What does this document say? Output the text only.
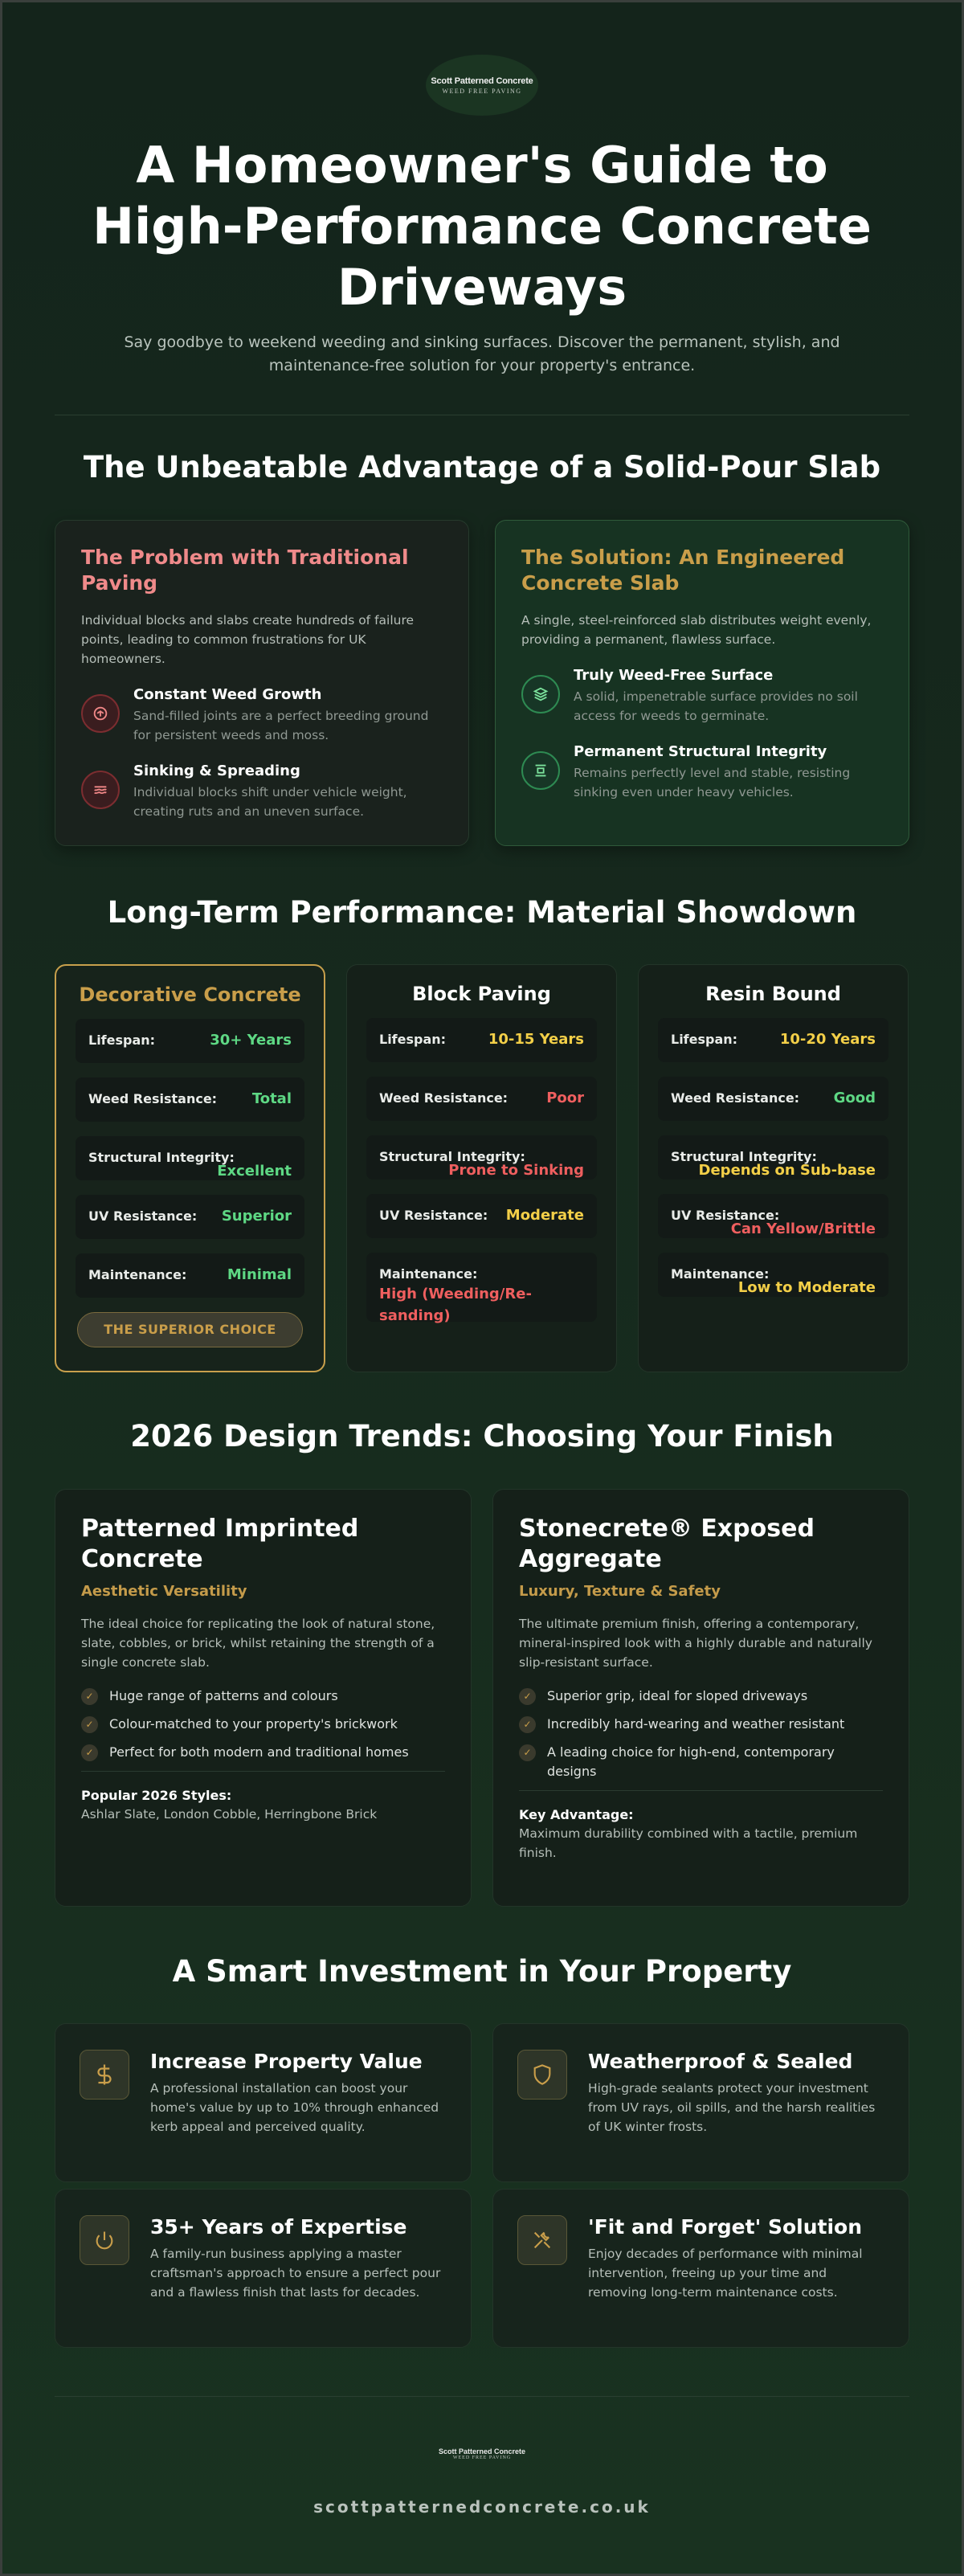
Scott Patterned Concrete
WEED FREE PAVING
A Homeowner's Guide to High-Performance Concrete Driveways

Say goodbye to weekend weeding and sinking surfaces. Discover the permanent, stylish, and maintenance-free solution for your property's entrance.

The Unbeatable Advantage of a Solid-Pour Slab
The Problem with Traditional Paving
Individual blocks and slabs create hundreds of failure points, leading to common frustrations for UK homeowners.
Constant Weed Growth
Sand-filled joints are a perfect breeding ground for persistent weeds and moss.
Sinking & Spreading
Individual blocks shift under vehicle weight, creating ruts and an uneven surface.
The Solution: An Engineered Concrete Slab
A single, steel-reinforced slab distributes weight evenly, providing a permanent, flawless surface.
Truly Weed-Free Surface
A solid, impenetrable surface provides no soil access for weeds to germinate.
Permanent Structural Integrity
Remains perfectly level and stable, resisting sinking even under heavy vehicles.
Long-Term Performance: Material Showdown
Decorative Concrete
Lifespan:	30+ Years
Weed Resistance: Total
Structural Integrity:
Excellent
UV Resistance: Superior
Maintenance:	Minimal
THE SUPERIOR CHOICE
Block Paving
Lifespan:	10-15 Years
Weed Resistance:	Poor
Structural Integrity:
Prone to Sinking
UV Resistance: Moderate
Maintenance:
High (Weeding/Re-sanding)
Resin Bound
Lifespan:	10-20 Years
Weed Resistance: Good
Structural Integrity:
Depends on Sub-base
UV Resistance:
Can Yellow/Brittle
Maintenance:
Low to Moderate
2026 Design Trends: Choosing Your Finish
Patterned Imprinted Concrete
Aesthetic Versatility
The ideal choice for replicating the look of natural stone, slate, cobbles, or brick, whilst retaining the strength of a single concrete slab.
✓	Huge range of patterns and colours
✓	Colour-matched to your property's brickwork
✓	Perfect for both modern and traditional homes
Popular 2026 Styles:
Ashlar Slate, London Cobble, Herringbone Brick
Stonecrete® Exposed Aggregate
Luxury, Texture & Safety
The ultimate premium finish, offering a contemporary, mineral-inspired look with a highly durable and naturally slip-resistant surface.
✓	Superior grip, ideal for sloped driveways
✓	Incredibly hard-wearing and weather resistant
✓	A leading choice for high-end, contemporary designs
Key Advantage:
Maximum durability combined with a tactile, premium finish.
A Smart Investment in Your Property
Increase Property Value
A professional installation can boost your home's value by up to 10% through enhanced kerb appeal and perceived quality.
Weatherproof & Sealed
High-grade sealants protect your investment from UV rays, oil spills, and the harsh realities of UK winter frosts.
35+ Years of Expertise
A family-run business applying a master craftsman's approach to ensure a perfect pour and a flawless finish that lasts for decades.
'Fit and Forget' Solution
Enjoy decades of performance with minimal intervention, freeing up your time and removing long-term maintenance costs.
Scott Patterned Concrete
WEED FREE PAVING
scottpatternedconcrete.co.uk
